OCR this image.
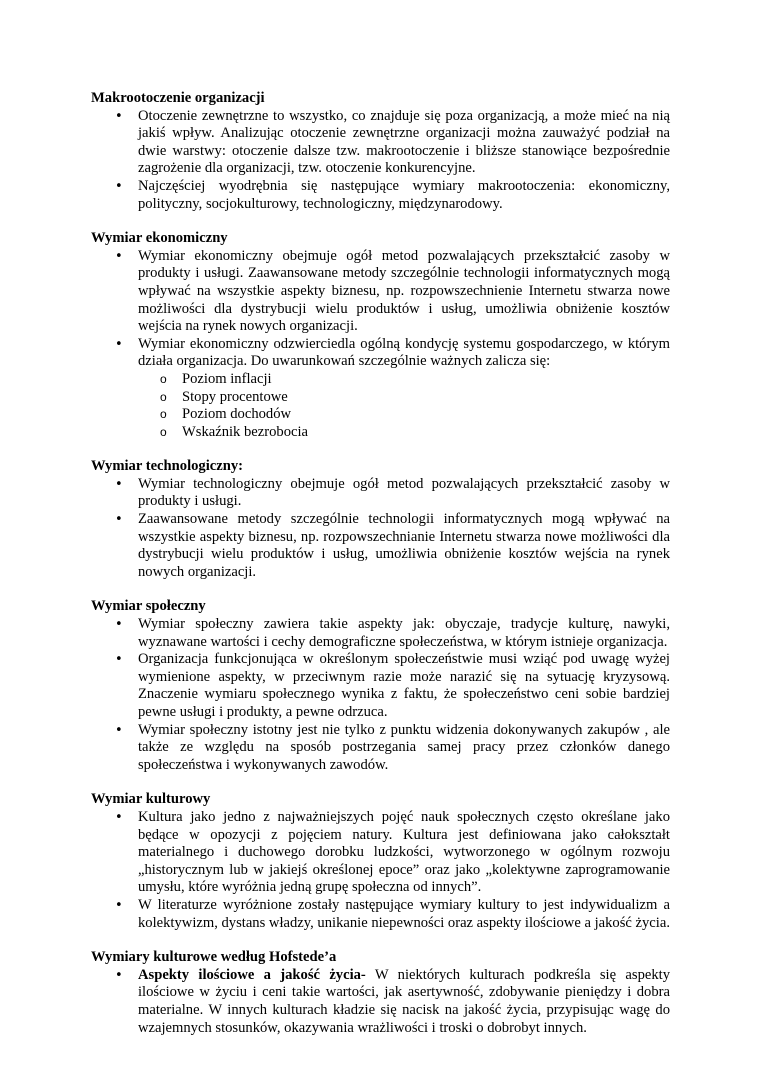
Makrootoczenie organizacji
• Otoczenie zewnętrzne to wszystko, co znajduje się poza organizacją, a może mieć na nią jakiś wpływ. Analizując otoczenie zewnętrzne organizacji można zauważyć podział na dwie warstwy: otoczenie dalsze tzw. makrootoczenie i bliższe stanowiące bezpośrednie zagrożenie dla organizacji, tzw. otoczenie konkurencyjne.
• Najczęściej wyodrębnia się następujące wymiary makrootoczenia: ekonomiczny, polityczny, socjokulturowy, technologiczny, międzynarodowy.
Wymiar ekonomiczny
• Wymiar ekonomiczny obejmuje ogół metod pozwalających przekształcić zasoby w produkty i usługi. Zaawansowane metody szczególnie technologii informatycznych mogą wpływać na wszystkie aspekty biznesu, np. rozpowszechnienie Internetu stwarza nowe możliwości dla dystrybucji wielu produktów i usług, umożliwia obniżenie kosztów wejścia na rynek nowych organizacji.
• Wymiar ekonomiczny odzwierciedla ogólną kondycję systemu gospodarczego, w którym działa organizacja. Do uwarunkowań szczególnie ważnych zalicza się:
o Poziom inflacji
o Stopy procentowe
o Poziom dochodów
o Wskaźnik bezrobocia
Wymiar technologiczny:
• Wymiar technologiczny obejmuje ogół metod pozwalających przekształcić zasoby w produkty i usługi.
• Zaawansowane metody szczególnie technologii informatycznych mogą wpływać na wszystkie aspekty biznesu, np. rozpowszechnianie Internetu stwarza nowe możliwości dla dystrybucji wielu produktów i usług, umożliwia obniżenie kosztów wejścia na rynek nowych organizacji.
Wymiar społeczny
• Wymiar społeczny zawiera takie aspekty jak: obyczaje, tradycje kulturę, nawyki, wyznawane wartości i cechy demograficzne społeczeństwa, w którym istnieje organizacja.
• Organizacja funkcjonująca w określonym społeczeństwie musi wziąć pod uwagę wyżej wymienione aspekty, w przeciwnym razie może narazić się na sytuację kryzysową. Znaczenie wymiaru społecznego wynika z faktu, że społeczeństwo ceni sobie bardziej pewne usługi i produkty, a pewne odrzuca.
• Wymiar społeczny istotny jest nie tylko z punktu widzenia dokonywanych zakupów , ale także ze względu na sposób postrzegania samej pracy przez członków danego społeczeństwa i wykonywanych zawodów.
Wymiar kulturowy
• Kultura jako jedno z najważniejszych pojęć nauk społecznych często określane jako będące w opozycji z pojęciem natury. Kultura jest definiowana jako całokształt materialnego i duchowego dorobku ludzkości, wytworzonego w ogólnym rozwoju „historycznym lub w jakiejś określonej epoce” oraz jako „kolektywne zaprogramowanie umysłu, które wyróżnia jedną grupę społeczna od innych”.
• W literaturze wyróżnione zostały następujące wymiary kultury to jest indywidualizm a kolektywizm, dystans władzy, unikanie niepewności oraz aspekty ilościowe a jakość życia.
Wymiary kulturowe według Hofstede’a
• Aspekty ilościowe a jakość życia- W niektórych kulturach podkreśla się aspekty ilościowe w życiu i ceni takie wartości, jak asertywność, zdobywanie pieniędzy i dobra materialne. W innych kulturach kładzie się nacisk na jakość życia, przypisując wagę do wzajemnych stosunków, okazywania wrażliwości i troski o dobrobyt innych.
